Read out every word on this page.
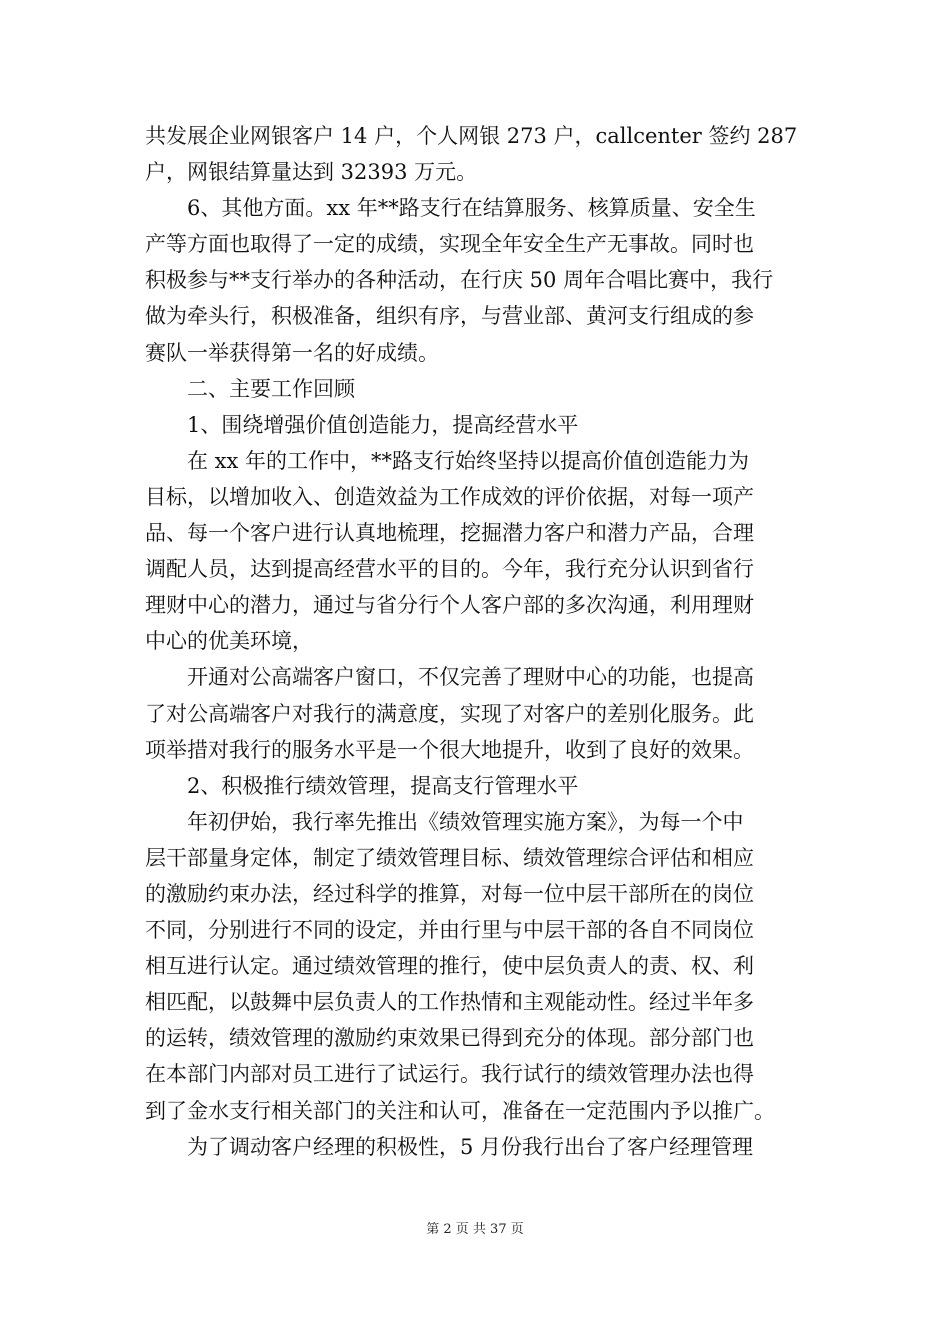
共发展企业网银客户 14 户，个人网银 273 户，callcenter 签约 287
户，网银结算量达到 32393 万元。
　　6、其他方面。xx 年**路支行在结算服务、核算质量、安全生
产等方面也取得了一定的成绩，实现全年安全生产无事故。同时也
积极参与**支行举办的各种活动，在行庆 50 周年合唱比赛中，我行
做为牵头行，积极准备，组织有序，与营业部、黄河支行组成的参
赛队一举获得第一名的好成绩。
　　二、主要工作回顾
　　1、围绕增强价值创造能力，提高经营水平
　　在 xx 年的工作中，**路支行始终坚持以提高价值创造能力为
目标，以增加收入、创造效益为工作成效的评价依据，对每一项产
品、每一个客户进行认真地梳理，挖掘潜力客户和潜力产品，合理
调配人员，达到提高经营水平的目的。今年，我行充分认识到省行
理财中心的潜力，通过与省分行个人客户部的多次沟通，利用理财
中心的优美环境，
　　开通对公高端客户窗口，不仅完善了理财中心的功能，也提高
了对公高端客户对我行的满意度，实现了对客户的差别化服务。此
项举措对我行的服务水平是一个很大地提升，收到了良好的效果。
　　2、积极推行绩效管理，提高支行管理水平
　　年初伊始，我行率先推出《绩效管理实施方案》，为每一个中
层干部量身定体，制定了绩效管理目标、绩效管理综合评估和相应
的激励约束办法，经过科学的推算，对每一位中层干部所在的岗位
不同，分别进行不同的设定，并由行里与中层干部的各自不同岗位
相互进行认定。通过绩效管理的推行，使中层负责人的责、权、利
相匹配，以鼓舞中层负责人的工作热情和主观能动性。经过半年多
的运转，绩效管理的激励约束效果已得到充分的体现。部分部门也
在本部门内部对员工进行了试运行。我行试行的绩效管理办法也得
到了金水支行相关部门的关注和认可，准备在一定范围内予以推广。
　　为了调动客户经理的积极性，5 月份我行出台了客户经理管理
第 2 页 共 37 页
